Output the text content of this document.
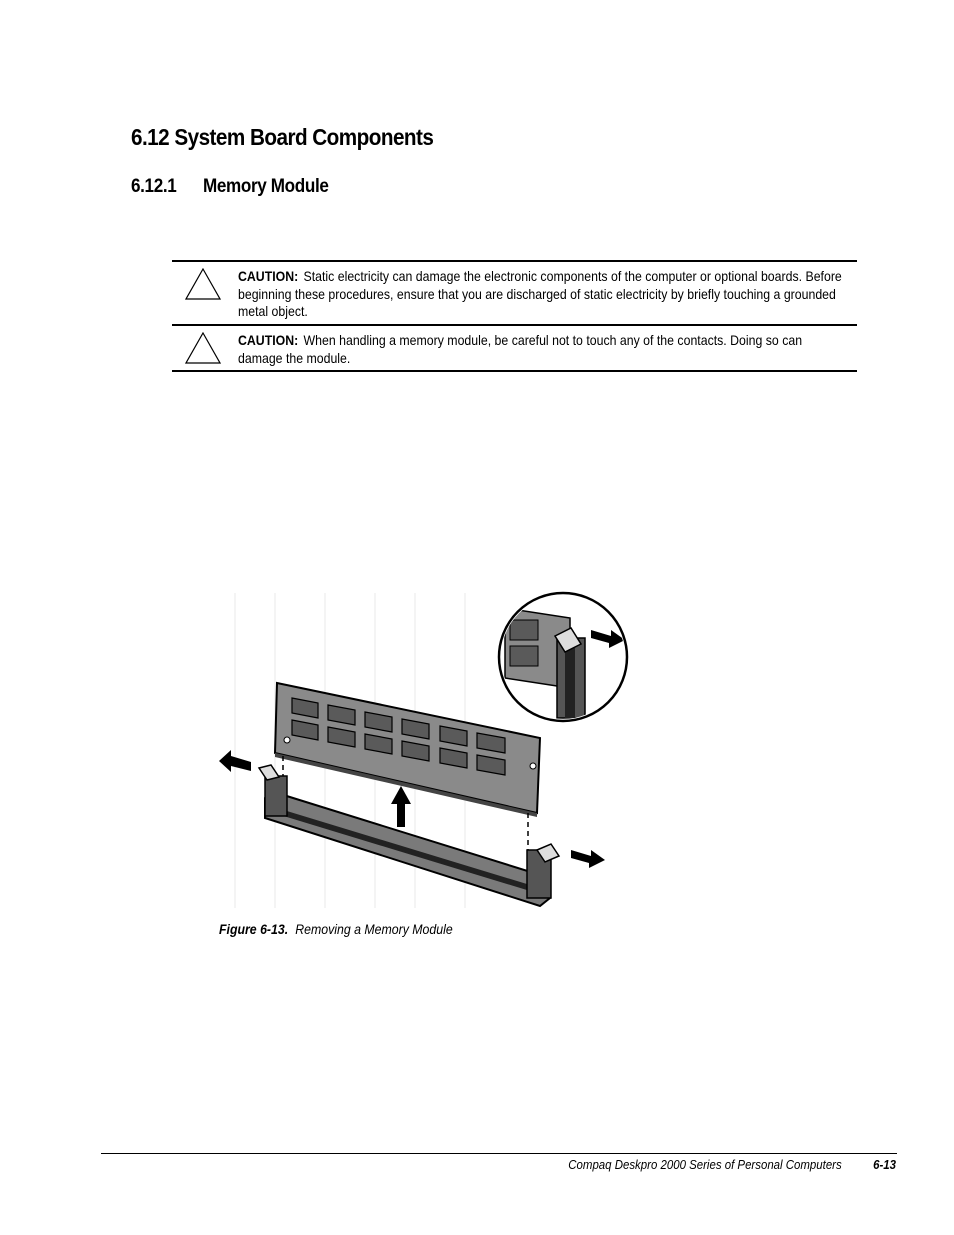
6.12 System Board Components
6.12.1 Memory Module
CAUTION: Static electricity can damage the electronic components of the computer or optional boards. Before beginning these procedures, ensure that you are discharged of static electricity by briefly touching a grounded metal object.
CAUTION: When handling a memory module, be careful not to touch any of the contacts. Doing so can damage the module.
Figure 6-13. Removing a Memory Module
Compaq Deskpro 2000 Series of Personal Computers 6-13
